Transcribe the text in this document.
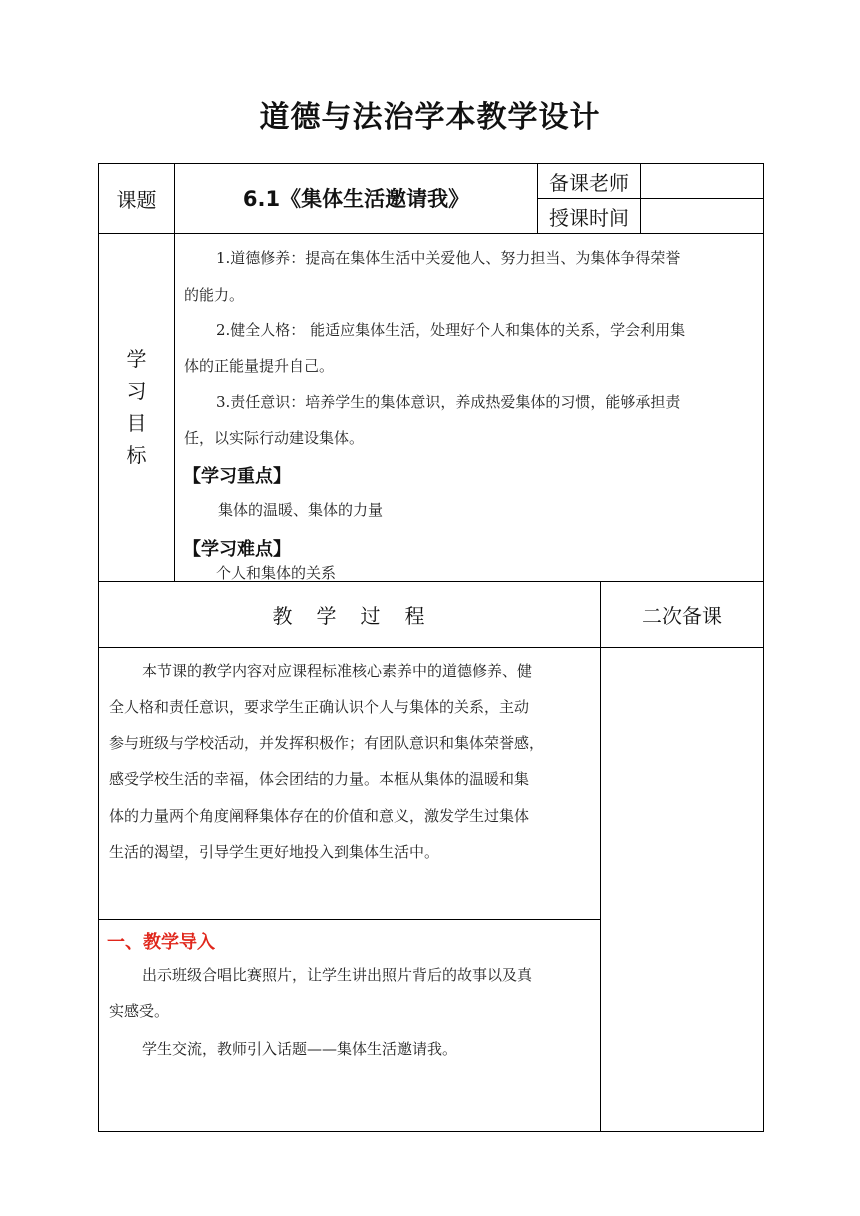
道德与法治学本教学设计
课题	6.1《集体生活邀请我》
备课老师
授课时间
学
习
目
标
1.道德修养：提高在集体生活中关爱他人、努力担当、为集体争得荣誉
的能力。
2.健全人格： 能适应集体生活，处理好个人和集体的关系，学会利用集
体的正能量提升自己。
3.责任意识：培养学生的集体意识，养成热爱集体的习惯，能够承担责
任，以实际行动建设集体。
【学习重点】
集体的温暖、集体的力量
【学习难点】
个人和集体的关系
教　学　过　程	二次备课
本节课的教学内容对应课程标准核心素养中的道德修养、健
全人格和责任意识，要求学生正确认识个人与集体的关系，主动
参与班级与学校活动，并发挥积极作；有团队意识和集体荣誉感，
感受学校生活的幸福，体会团结的力量。本框从集体的温暖和集
体的力量两个角度阐释集体存在的价值和意义，激发学生过集体
生活的渴望，引导学生更好地投入到集体生活中。
一、教学导入
出示班级合唱比赛照片，让学生讲出照片背后的故事以及真
实感受。
学生交流，教师引入话题——集体生活邀请我。
